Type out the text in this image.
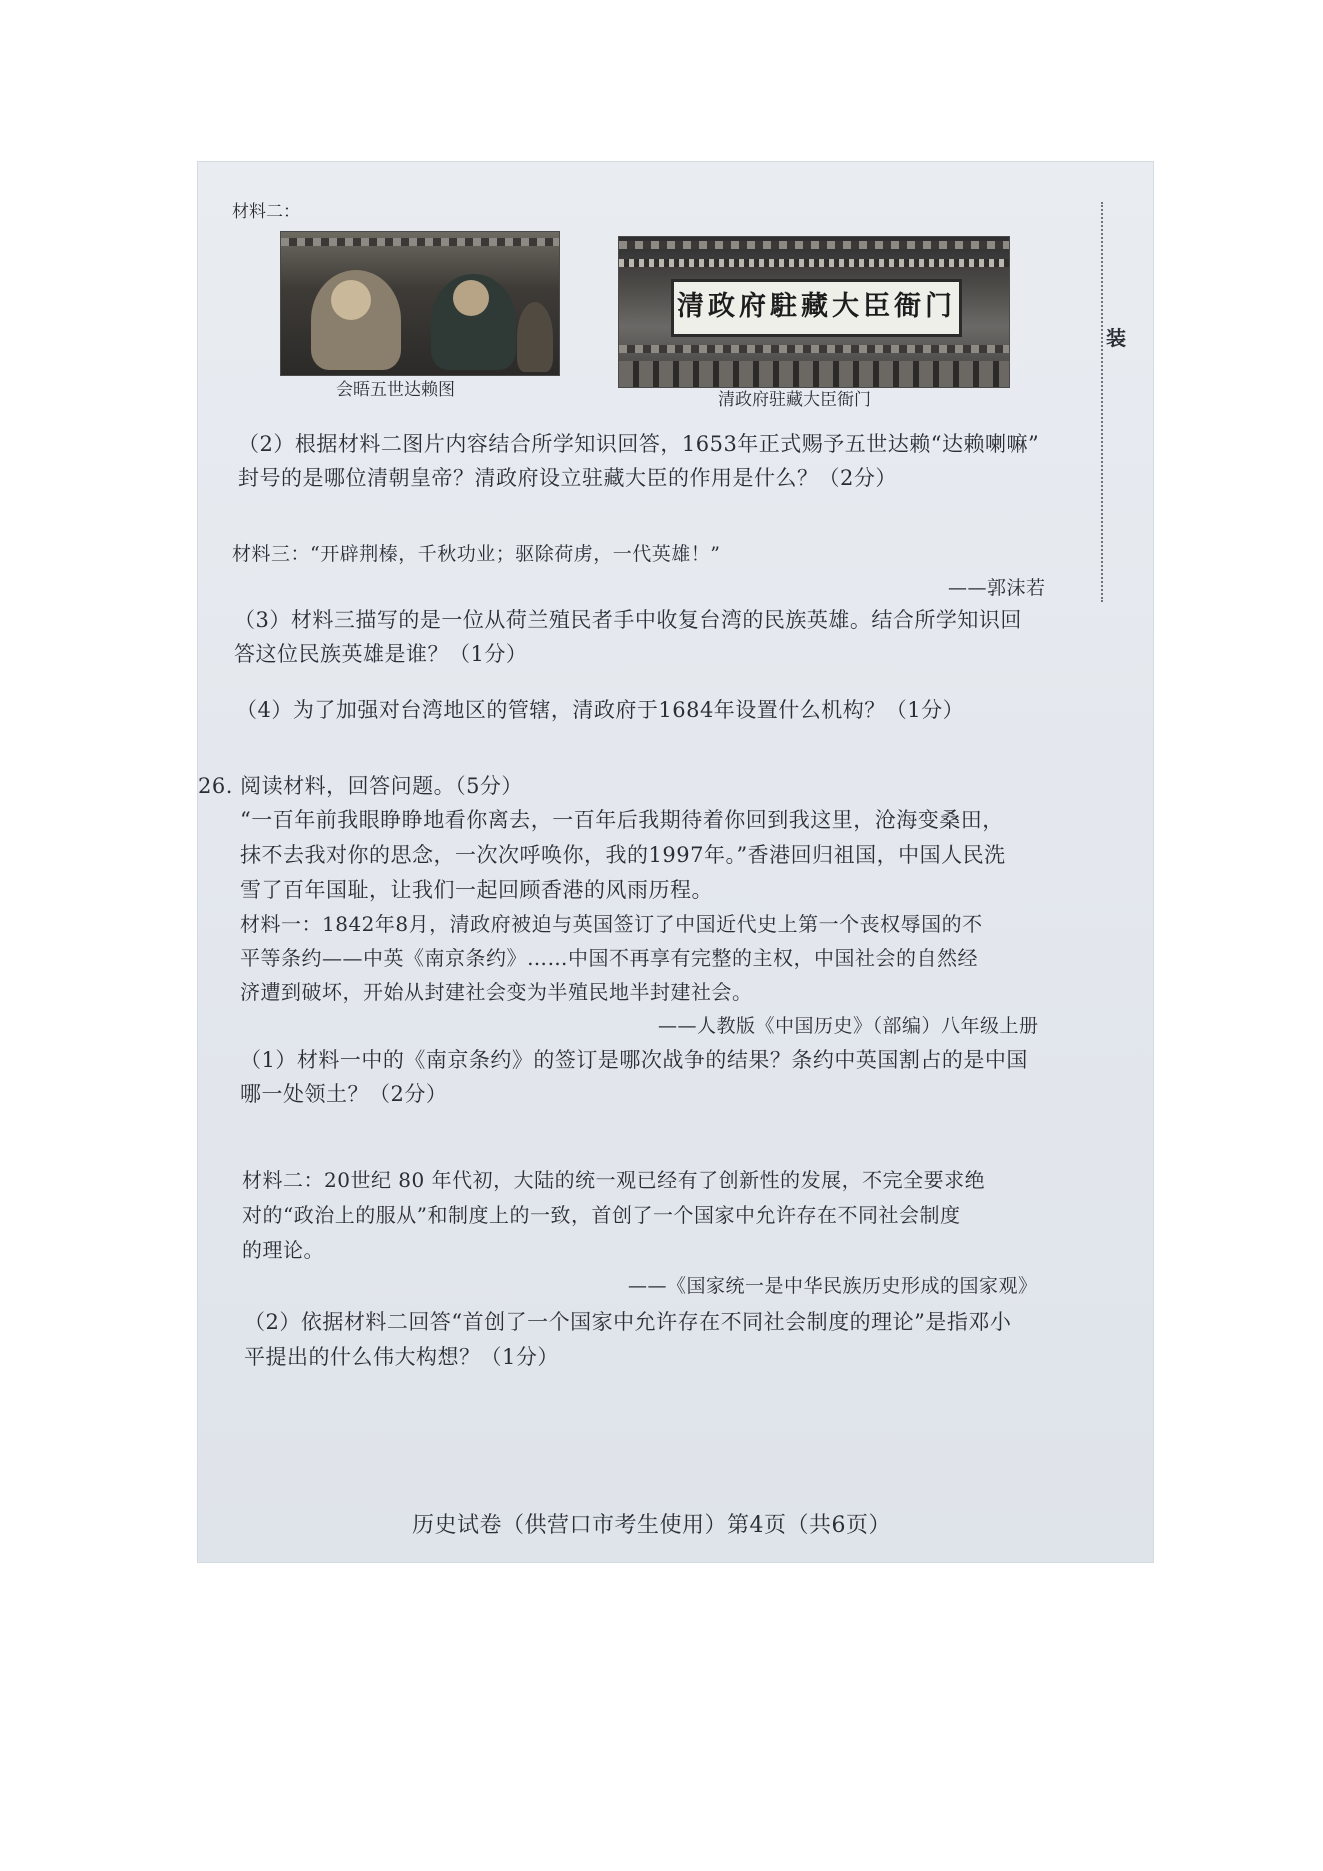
材料二：
会晤五世达赖图
清政府駐藏大臣衙门
清政府驻藏大臣衙门
装
（2）根据材料二图片内容结合所学知识回答，1653年正式赐予五世达赖“达赖喇嘛”
封号的是哪位清朝皇帝？清政府设立驻藏大臣的作用是什么？（2分）
材料三：“开辟荆榛，千秋功业；驱除荷虏，一代英雄！”
——郭沫若
（3）材料三描写的是一位从荷兰殖民者手中收复台湾的民族英雄。结合所学知识回
答这位民族英雄是谁？（1分）
（4）为了加强对台湾地区的管辖，清政府于1684年设置什么机构？（1分）
26. 阅读材料，回答问题。（5分）
“一百年前我眼睁睁地看你离去，一百年后我期待着你回到我这里，沧海变桑田，
抹不去我对你的思念，一次次呼唤你，我的1997年。”香港回归祖国，中国人民洗
雪了百年国耻，让我们一起回顾香港的风雨历程。
材料一：1842年8月，清政府被迫与英国签订了中国近代史上第一个丧权辱国的不
平等条约——中英《南京条约》……中国不再享有完整的主权，中国社会的自然经
济遭到破坏，开始从封建社会变为半殖民地半封建社会。
——人教版《中国历史》（部编）八年级上册
（1）材料一中的《南京条约》的签订是哪次战争的结果？条约中英国割占的是中国
哪一处领土？（2分）
材料二：20世纪 80 年代初，大陆的统一观已经有了创新性的发展，不完全要求绝
对的“政治上的服从”和制度上的一致，首创了一个国家中允许存在不同社会制度
的理论。
——《国家统一是中华民族历史形成的国家观》
（2）依据材料二回答“首创了一个国家中允许存在不同社会制度的理论”是指邓小
平提出的什么伟大构想？（1分）
历史试卷（供营口市考生使用）第4页（共6页）
